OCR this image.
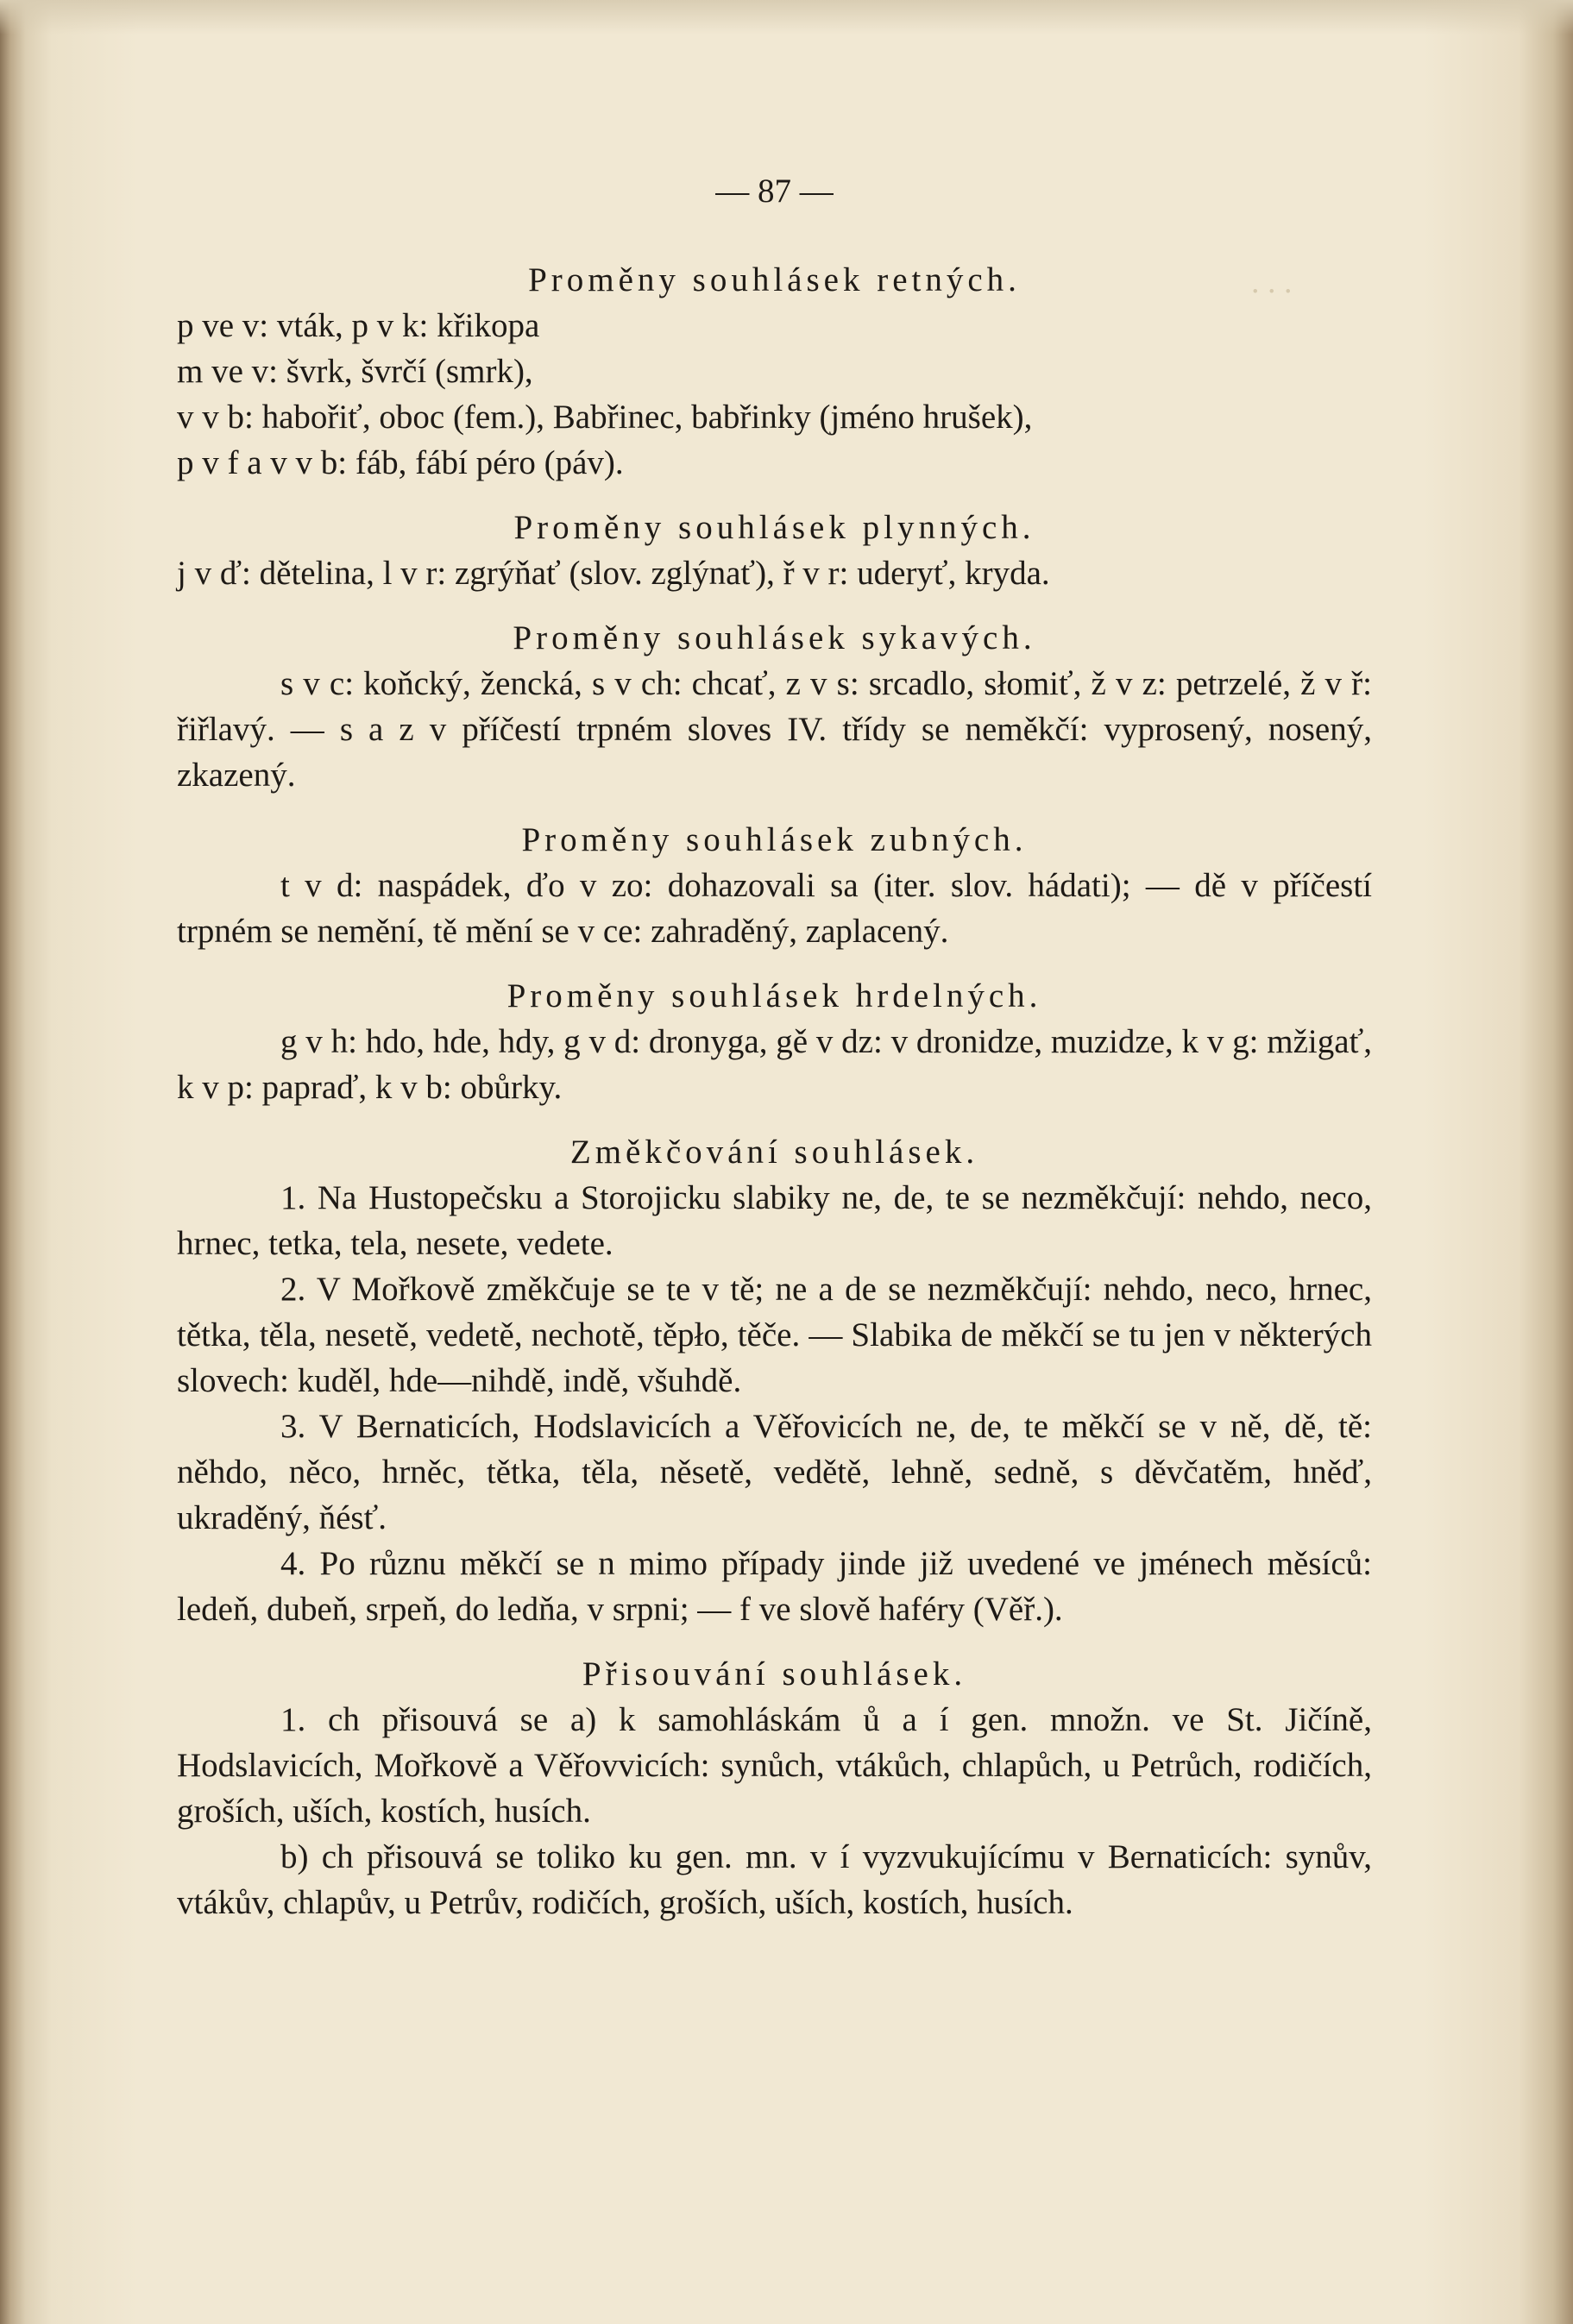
. . .
— 87 —
Proměny souhlásek retných.
p ve v: vták, p v k: křikopa
m ve v: švrk, švrčí (smrk),
v v b: habořiť, oboc (fem.), Babřinec, babřinky (jméno hrušek),
p v f a v v b: fáb, fábí péro (páv).
Proměny souhlásek plynných.
j v ď: dětelina, l v r: zgrýňať (slov. zglýnať), ř v r: uderyť, kryda.
Proměny souhlásek sykavých.

s v c: koňcký, žencká, s v ch: chcať, z v s: srcadlo, słomiť, ž v z: petrzelé, ž v ř: řiřlavý. — s a z v příčestí trpném sloves IV. třídy se neměkčí: vyprosený, nosený, zkazený.

Proměny souhlásek zubných.

t v d: naspádek, ďo v zo: dohazovali sa (iter. slov. hádati); — dě v příčestí trpném se nemění, tě mění se v ce: zahraděný, zaplacený.

Proměny souhlásek hrdelných.

g v h: hdo, hde, hdy, g v d: dronyga, gě v dz: v dronidze, muzidze, k v g: mžigať, k v p: papraď, k v b: obůrky.

Změkčování souhlásek.

1. Na Hustopečsku a Storojicku slabiky ne, de, te se nezměkčují: nehdo, neco, hrnec, tetka, tela, nesete, vedete.

2. V Mořkově změkčuje se te v tě; ne a de se nezměkčují: nehdo, neco, hrnec, tětka, těla, nesetě, vedetě, nechotě, těpło, těče. — Slabika de měkčí se tu jen v některých slovech: kuděl, hde—nihdě, indě, všuhdě.

3. V Bernaticích, Hodslavicích a Věřovicích ne, de, te měkčí se v ně, dě, tě: něhdo, něco, hrněc, tětka, těla, něsetě, vedětě, lehně, sedně, s děvčatěm, hněď, ukraděný, ňésť.

4. Po různu měkčí se n mimo případy jinde již uvedené ve jménech měsíců: ledeň, dubeň, srpeň, do ledňa, v srpni; — f ve slově haféry (Věř.).

Přisouvání souhlásek.

1. ch přisouvá se a) k samohláskám ů a í gen. množn. ve St. Jičíně, Hodslavicích, Mořkově a Věřovvicích: synůch, vtákůch, chlapůch, u Petrůch, rodičích, groších, uších, kostích, husích.

b) ch přisouvá se toliko ku gen. mn. v í vyzvukujícímu v Bernaticích: synův, vtákův, chlapův, u Petrův, rodičích, groších, uších, kostích, husích.
